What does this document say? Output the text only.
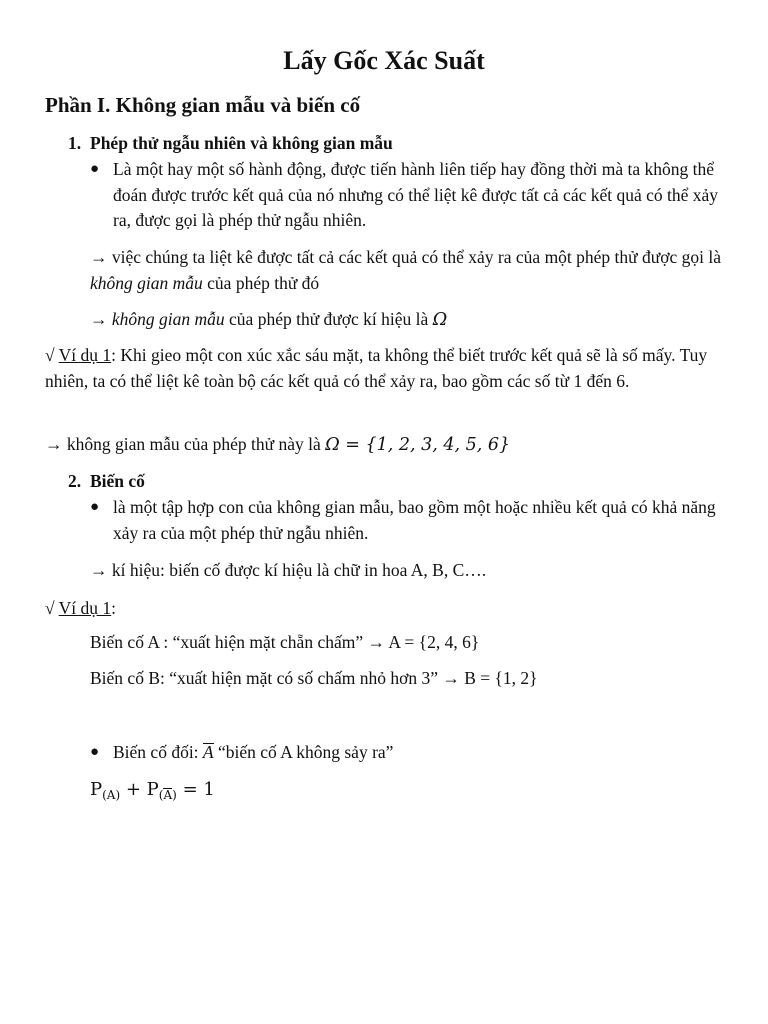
Lấy Gốc Xác Suất
Phần I. Không gian mẫu và biến cố
1. Phép thử ngẫu nhiên và không gian mẫu
● Là một hay một số hành động, được tiến hành liên tiếp hay đồng thời mà ta không thể đoán được trước kết quả của nó nhưng có thể liệt kê được tất cả các kết quả có thể xảy ra, được gọi là phép thử ngẫu nhiên.
→ việc chúng ta liệt kê được tất cả các kết quả có thể xảy ra của một phép thử được gọi là không gian mẫu của phép thử đó
→ không gian mẫu của phép thử được kí hiệu là Ω
√ Ví dụ 1: Khi gieo một con xúc xắc sáu mặt, ta không thể biết trước kết quả sẽ là số mấy. Tuy nhiên, ta có thể liệt kê toàn bộ các kết quả có thể xảy ra, bao gồm các số từ 1 đến 6.
→ không gian mẫu của phép thử này là Ω = {1, 2, 3, 4, 5, 6}
2. Biến cố
● là một tập hợp con của không gian mẫu, bao gồm một hoặc nhiều kết quả có khả năng xảy ra của một phép thử ngẫu nhiên.
→ kí hiệu: biến cố được kí hiệu là chữ in hoa A, B, C….
√ Ví dụ 1:
Biến cố A : “xuất hiện mặt chẵn chấm” → A = {2, 4, 6}
Biến cố B: “xuất hiện mặt có số chấm nhỏ hơn 3” → B = {1, 2}
● Biến cố đối: A “biến cố A không sảy ra”
$P_{(A)} + P_{(A)} = 1$
